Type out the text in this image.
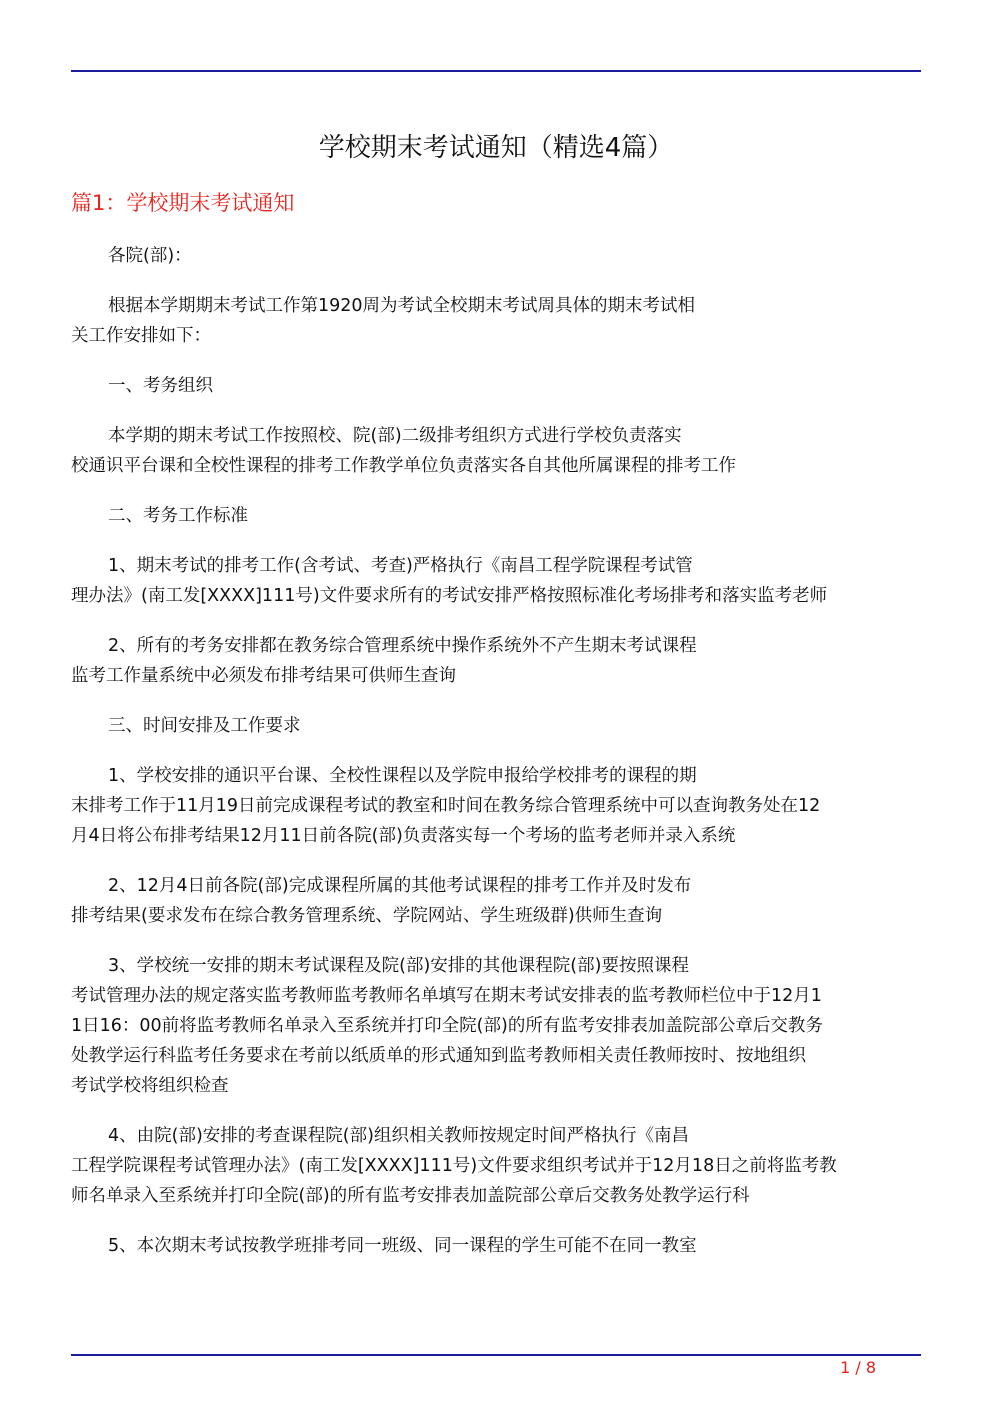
学校期末考试通知（精选4篇）
篇1：学校期末考试通知
各院(部)：
根据本学期期末考试工作第1920周为考试全校期末考试周具体的期末考试相
关工作安排如下：
一、考务组织
本学期的期末考试工作按照校、院(部)二级排考组织方式进行学校负责落实
校通识平台课和全校性课程的排考工作教学单位负责落实各自其他所属课程的排考工作
二、考务工作标准
1、期末考试的排考工作(含考试、考查)严格执行《南昌工程学院课程考试管
理办法》(南工发[XXXX]111号)文件要求所有的考试安排严格按照标准化考场排考和落实监考老师
2、所有的考务安排都在教务综合管理系统中操作系统外不产生期末考试课程
监考工作量系统中必须发布排考结果可供师生查询
三、时间安排及工作要求
1、学校安排的通识平台课、全校性课程以及学院申报给学校排考的课程的期
末排考工作于11月19日前完成课程考试的教室和时间在教务综合管理系统中可以查询教务处在12
月4日将公布排考结果12月11日前各院(部)负责落实每一个考场的监考老师并录入系统
2、12月4日前各院(部)完成课程所属的其他考试课程的排考工作并及时发布
排考结果(要求发布在综合教务管理系统、学院网站、学生班级群)供师生查询
3、学校统一安排的期末考试课程及院(部)安排的其他课程院(部)要按照课程
考试管理办法的规定落实监考教师监考教师名单填写在期末考试安排表的监考教师栏位中于12月1
1日16：00前将监考教师名单录入至系统并打印全院(部)的所有监考安排表加盖院部公章后交教务
处教学运行科监考任务要求在考前以纸质单的形式通知到监考教师相关责任教师按时、按地组织
考试学校将组织检查
4、由院(部)安排的考查课程院(部)组织相关教师按规定时间严格执行《南昌
工程学院课程考试管理办法》(南工发[XXXX]111号)文件要求组织考试并于12月18日之前将监考教
师名单录入至系统并打印全院(部)的所有监考安排表加盖院部公章后交教务处教学运行科
5、本次期末考试按教学班排考同一班级、同一课程的学生可能不在同一教室
1 / 8
